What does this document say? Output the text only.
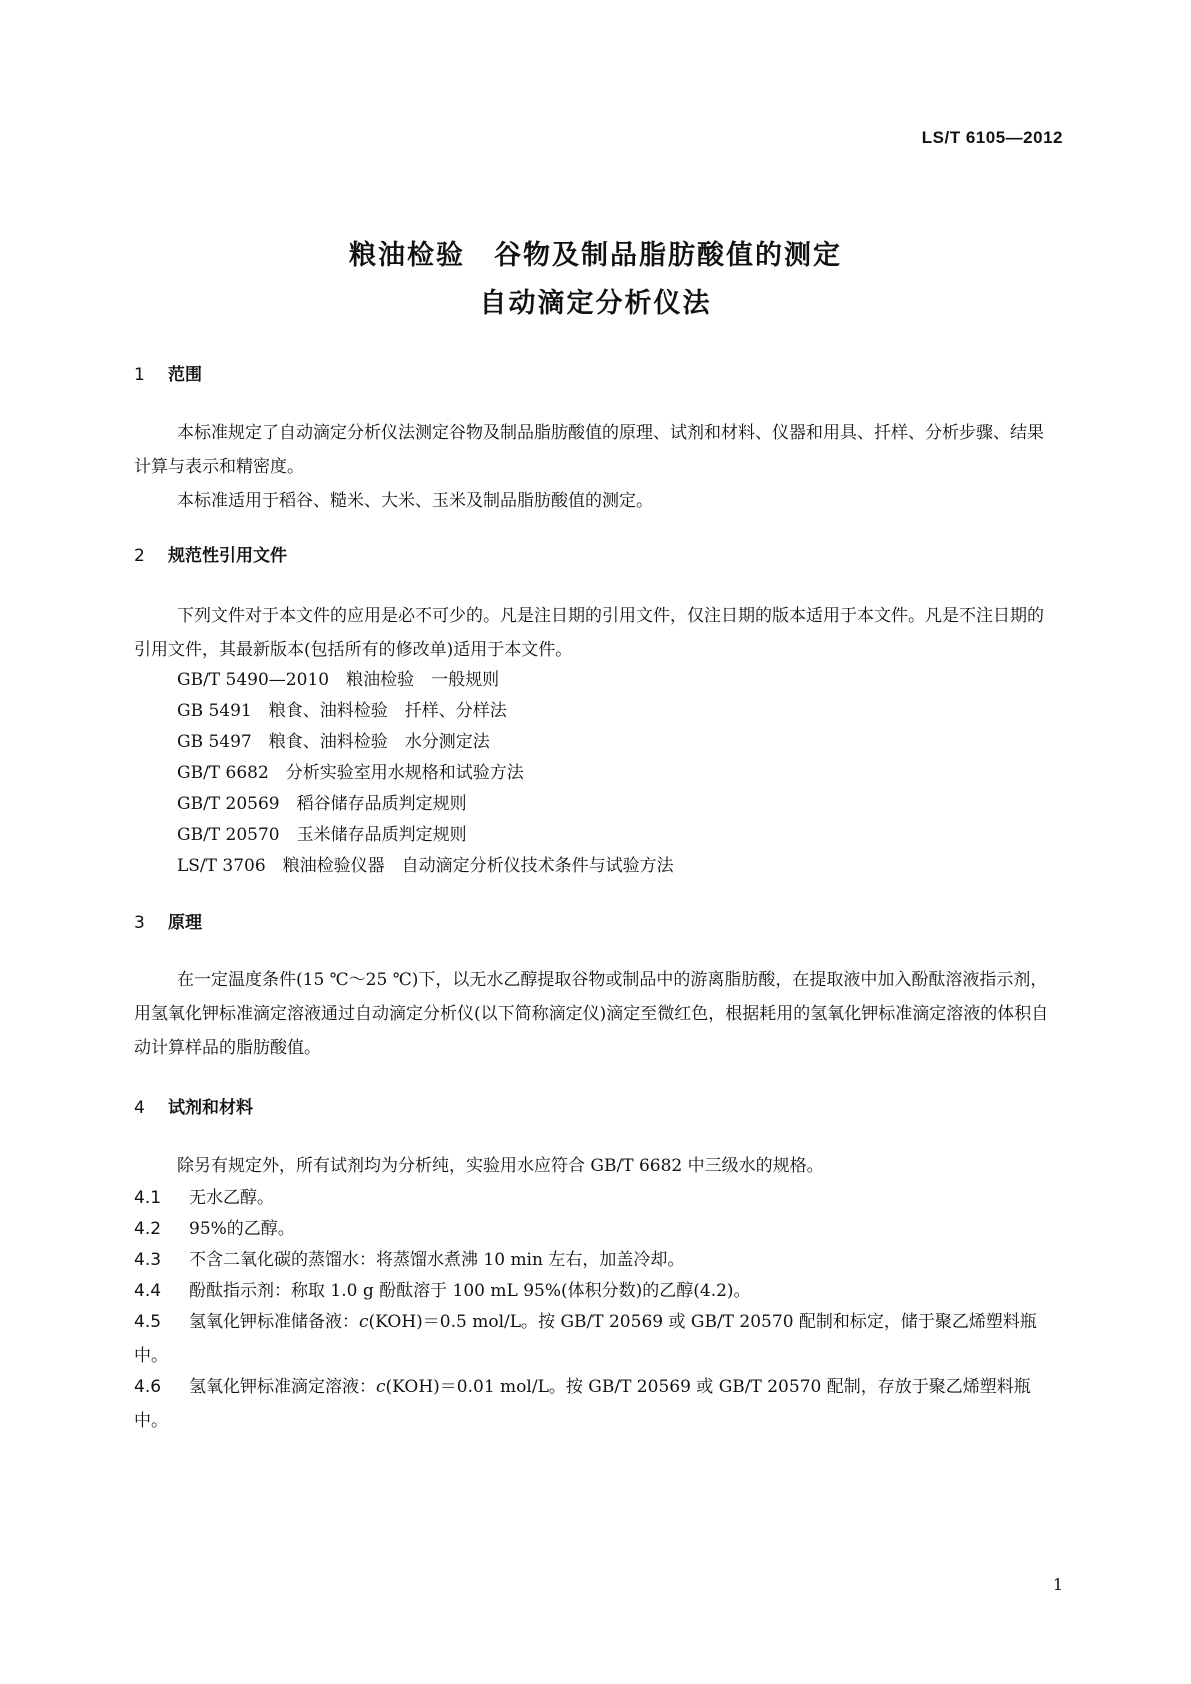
LS/T 6105—2012
粮油检验　谷物及制品脂肪酸值的测定
自动滴定分析仪法
1 范围
本标准规定了自动滴定分析仪法测定谷物及制品脂肪酸值的原理、试剂和材料、仪器和用具、扦样、分析步骤、结果计算与表示和精密度。
本标准适用于稻谷、糙米、大米、玉米及制品脂肪酸值的测定。
2 规范性引用文件
下列文件对于本文件的应用是必不可少的。凡是注日期的引用文件，仅注日期的版本适用于本文件。凡是不注日期的引用文件，其最新版本(包括所有的修改单)适用于本文件。
GB/T 5490—2010　粮油检验　一般规则
GB 5491　粮食、油料检验　扦样、分样法
GB 5497　粮食、油料检验　水分测定法
GB/T 6682　分析实验室用水规格和试验方法
GB/T 20569　稻谷储存品质判定规则
GB/T 20570　玉米储存品质判定规则
LS/T 3706　粮油检验仪器　自动滴定分析仪技术条件与试验方法
3 原理
在一定温度条件(15 ℃～25 ℃)下，以无水乙醇提取谷物或制品中的游离脂肪酸，在提取液中加入酚酞溶液指示剂，用氢氧化钾标准滴定溶液通过自动滴定分析仪(以下简称滴定仪)滴定至微红色，根据耗用的氢氧化钾标准滴定溶液的体积自动计算样品的脂肪酸值。
4 试剂和材料
除另有规定外，所有试剂均为分析纯，实验用水应符合 GB/T 6682 中三级水的规格。
4.1 无水乙醇。
4.2 95%的乙醇。
4.3 不含二氧化碳的蒸馏水：将蒸馏水煮沸 10 min 左右，加盖冷却。
4.4 酚酞指示剂：称取 1.0 g 酚酞溶于 100 mL 95%(体积分数)的乙醇(4.2)。
4.5 氢氧化钾标准储备液：c(KOH)＝0.5 mol/L。按 GB/T 20569 或 GB/T 20570 配制和标定，储于聚乙烯塑料瓶中。
4.6 氢氧化钾标准滴定溶液：c(KOH)＝0.01 mol/L。按 GB/T 20569 或 GB/T 20570 配制，存放于聚乙烯塑料瓶中。
1
